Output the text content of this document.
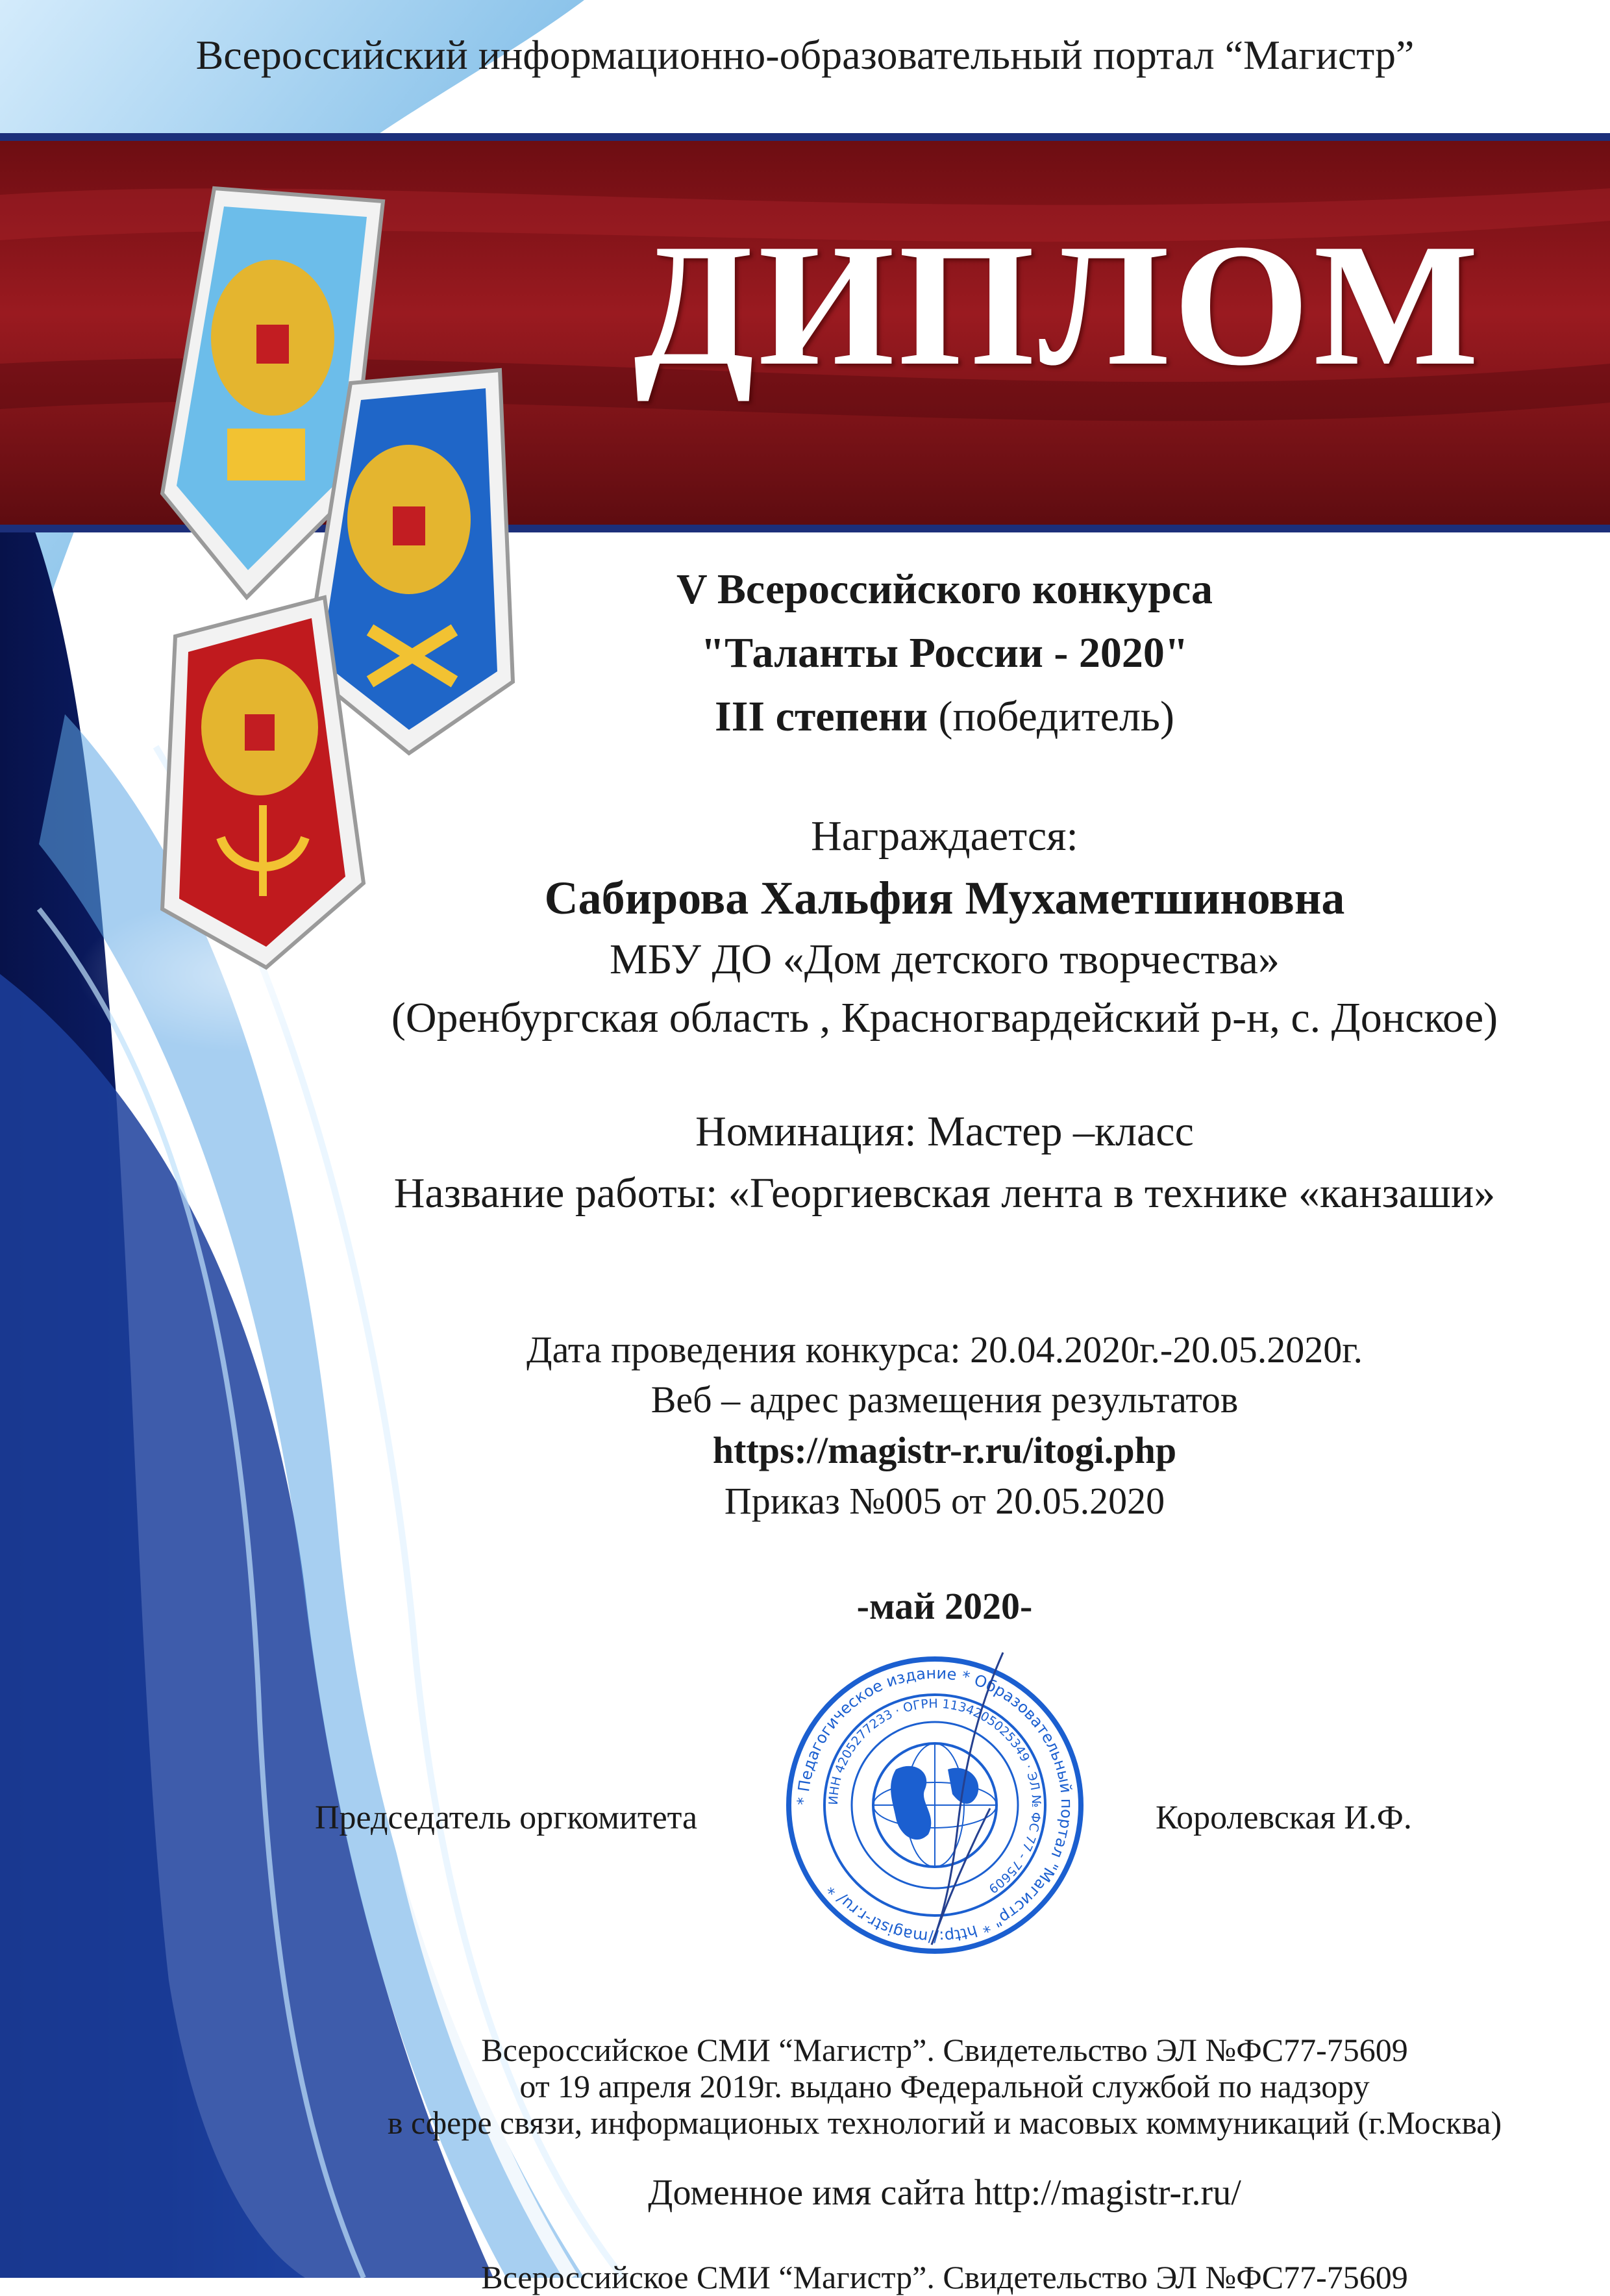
Всероссийский информационно-образовательный портал “Магистр”
ДИПЛОМ
V Всероссийского конкурса
"Таланты России - 2020"
III степени (победитель)
Награждается:
Сабирова Хальфия Мухаметшиновна
МБУ ДО «Дом детского творчества»
(Оренбургская область , Красногвардейский р-н, с. Донское)
Номинация: Мастер –класс
Название работы: «Георгиевская лента в технике «канзаши»
Дата проведения конкурса: 20.04.2020г.-20.05.2020г.
Веб – адрес размещения результатов
https://magistr-r.ru/itogi.php
Приказ №005 от 20.05.2020
-май 2020-
Председатель оргкомитета	Королевская И.Ф.
* Педагогическое издание * Образовательный портал "Магистр" * http://magistr-r.ru/ *
ИНН 4205277233 · ОГРН 1134205025349 · ЭЛ № ФС 77 - 75609
Всероссийское СМИ “Магистр”. Свидетельство ЭЛ №ФС77-75609
от 19 апреля 2019г. выдано Федеральной службой по надзору
в сфере связи, информационых технологий и масовых коммуникаций (г.Москва)
Доменное имя сайта http://magistr-r.ru/
Всероссийское СМИ “Магистр”. Свидетельство ЭЛ №ФС77-75609
